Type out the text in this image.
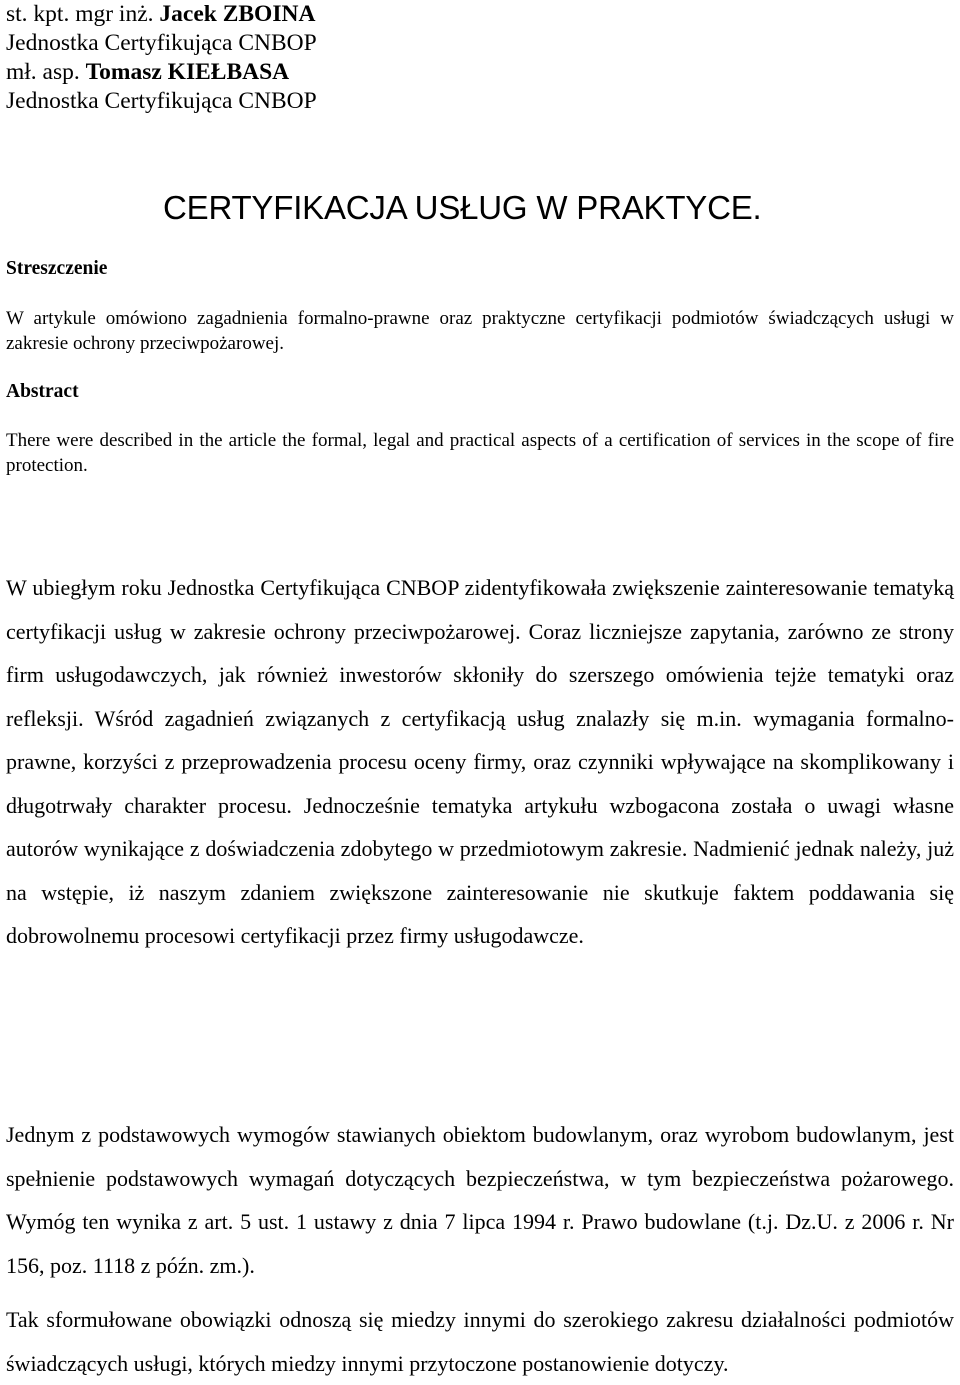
st. kpt. mgr inż. Jacek ZBOINA
Jednostka Certyfikująca CNBOP
mł. asp. Tomasz KIEŁBASA
Jednostka Certyfikująca CNBOP
CERTYFIKACJA USŁUG W PRAKTYCE.
Streszczenie

W artykule omówiono zagadnienia formalno-prawne oraz praktyczne certyfikacji podmiotów świadczących usługi w zakresie ochrony przeciwpożarowej.

Abstract

There were described in the article the formal, legal and practical aspects of a certification of services in the scope of fire protection.

W ubiegłym roku Jednostka Certyfikująca CNBOP zidentyfikowała zwiększenie zainteresowanie tematyką certyfikacji usług w zakresie ochrony przeciwpożarowej. Coraz liczniejsze zapytania, zarówno ze strony firm usługodawczych, jak również inwestorów skłoniły do szerszego omówienia tejże tematyki oraz refleksji. Wśród zagadnień związanych z certyfikacją usług znalazły się m.in. wymagania formalno-prawne, korzyści z przeprowadzenia procesu oceny firmy, oraz czynniki wpływające na skomplikowany i długotrwały charakter procesu. Jednocześnie tematyka artykułu wzbogacona została o uwagi własne autorów wynikające z doświadczenia zdobytego w przedmiotowym zakresie. Nadmienić jednak należy, już na wstępie, iż naszym zdaniem zwiększone zainteresowanie nie skutkuje faktem poddawania się dobrowolnemu procesowi certyfikacji przez firmy usługodawcze.

Jednym z podstawowych wymogów stawianych obiektom budowlanym, oraz wyrobom budowlanym, jest spełnienie podstawowych wymagań dotyczących bezpieczeństwa, w tym bezpieczeństwa pożarowego. Wymóg ten wynika z art. 5 ust. 1 ustawy z dnia 7 lipca 1994 r. Prawo budowlane (t.j. Dz.U. z 2006 r. Nr 156, poz. 1118 z późn. zm.).

Tak sformułowane obowiązki odnoszą się miedzy innymi do szerokiego zakresu działalności podmiotów świadczących usługi, których miedzy innymi przytoczone postanowienie dotyczy.
